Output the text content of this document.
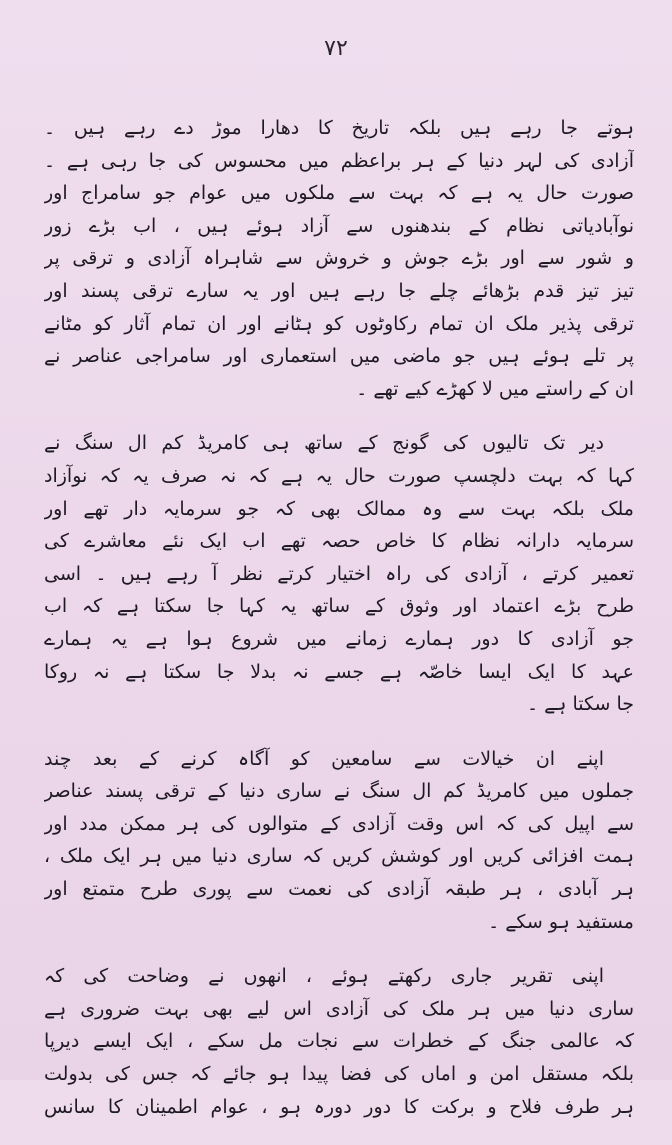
۷۲
ہوتے جا رہے ہیں بلکہ تاریخ کا دھارا موڑ دے رہے ہیں ۔
آزادی کی لہر دنیا کے ہر براعظم میں محسوس کی جا رہی ہے ۔
صورت حال یہ ہے کہ بہت سے ملکوں میں عوام جو سامراج اور
نوآبادیاتی نظام کے بندھنوں سے آزاد ہوئے ہیں ، اب بڑے زور
و شور سے اور بڑے جوش و خروش سے شاہراہ آزادی و ترقی پر
تیز تیز قدم بڑھائے چلے جا رہے ہیں اور یہ سارے ترقی پسند اور
ترقی پذیر ملک ان تمام رکاوٹوں کو ہٹانے اور ان تمام آثار کو مٹانے
پر تلے ہوئے ہیں جو ماضی میں استعماری اور سامراجی عناصر نے
ان کے راستے میں لا کھڑے کیے تھے ۔
دیر تک تالیوں کی گونج کے ساتھ ہی کامریڈ کم ال سنگ نے
کہا کہ بہت دلچسپ صورت حال یہ ہے کہ نہ صرف یہ کہ نوآزاد
ملک بلکہ بہت سے وہ ممالک بھی کہ جو سرمایہ دار تھے اور
سرمایہ دارانہ نظام کا خاص حصہ تھے اب ایک نئے معاشرے کی
تعمیر کرتے ، آزادی کی راہ اختیار کرتے نظر آ رہے ہیں ۔ اسی
طرح بڑے اعتماد اور وثوق کے ساتھ یہ کہا جا سکتا ہے کہ اب
جو آزادی کا دور ہمارے زمانے میں شروع ہوا ہے یہ ہمارے
عہد کا ایک ایسا خاصّہ ہے جسے نہ بدلا جا سکتا ہے نہ روکا
جا سکتا ہے ۔
اپنے ان خیالات سے سامعین کو آگاہ کرنے کے بعد چند
جملوں میں کامریڈ کم ال سنگ نے ساری دنیا کے ترقی پسند عناصر
سے اپیل کی کہ اس وقت آزادی کے متوالوں کی ہر ممکن مدد اور
ہمت افزائی کریں اور کوشش کریں کہ ساری دنیا میں ہر ایک ملک ،
ہر آبادی ، ہر طبقہ آزادی کی نعمت سے پوری طرح متمتع اور
مستفید ہو سکے ۔
اپنی تقریر جاری رکھتے ہوئے ، انھوں نے وضاحت کی کہ
ساری دنیا میں ہر ملک کی آزادی اس لیے بھی بہت ضروری ہے
کہ عالمی جنگ کے خطرات سے نجات مل سکے ، ایک ایسے دیرپا
بلکہ مستقل امن و اماں کی فضا پیدا ہو جائے کہ جس کی بدولت
ہر طرف فلاح و برکت کا دور دورہ ہو ، عوام اطمینان کا سانس
